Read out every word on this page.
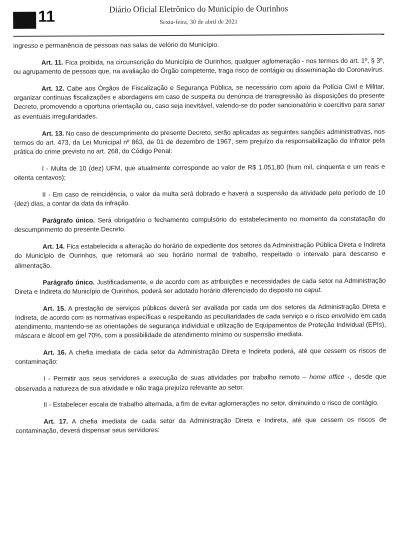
11	Diário Oficial Eletrônico do Município de Ourinhos
Sexta-feira, 30 de abril de 2021

ingresso e permanência de pessoas nas salas de velório do Município.

Art. 11. Fica proibida, na circunscrição do Município de Ourinhos, qualquer aglomeração - nos termos do art. 1º, § 3º, ou agrupamento de pessoas que, na avaliação do Órgão competente, traga risco de contágio ou disseminação do Coronavírus.

Art. 12. Cabe aos Órgãos de Fiscalização e Segurança Pública, se necessário com apoio da Polícia Civil e Militar, organizar contínuas fiscalizações e abordagens em caso de suspeita ou denúncia de transgressão às disposições do presente Decreto, promovendo a oportuna orientação ou, caso seja inevitável, valendo-se do poder sancionatório e coercitivo para sanar as eventuais irregularidades.

Art. 13. No caso de descumprimento do presente Decreto, serão aplicadas as seguintes sanções administrativas, nos termos do art. 473, da Lei Municipal nº 863, de 01 de dezembro de 1967, sem prejuízo da responsabilização do infrator pela prática do crime previsto no art. 268, do Código Penal:

I - Multa de 10 (dez) UFM, que atualmente corresponde ao valor de R$ 1.051,80 (hum mil, cinquenta e um reais e oitenta centavos);

II - Em caso de reincidência, o valor da multa será dobrado e haverá a suspensão da atividade pelo período de 10 (dez) dias, a contar da data da infração.

Parágrafo único. Será obrigatório o fechamento compulsório do estabelecimento no momento da constatação do descumprimento do presente Decreto.

Art. 14. Fica estabelecida a alteração do horário de expediente dos setores da Administração Pública Direta e Indireta do Município de Ourinhos, que retomará ao seu horário normal de trabalho, respeitado o intervalo para descanso e alimentação.

Parágrafo único. Justificadamente, e de acordo com as atribuições e necessidades de cada setor na Administração Direta e Indireta do Município de Ourinhos, poderá ser adotado horário diferenciado do disposto no caput.

Art. 15. A prestação de serviços públicos deverá ser avaliada por cada um dos setores da Administração Direta e Indireta, de acordo com as normativas específicas e respeitando as peculiaridades de cada serviço e o risco envolvido em cada atendimento, mantendo-se as orientações de segurança individual e utilização de Equipamentos de Proteção Individual (EPIs), máscara e álcool em gel 70%, com a possibilidade de atendimento mínimo ou suspensão imediata.

Art. 16. A chefia imediata de cada setor da Administração Direta e Indireta poderá, até que cessem os riscos de contaminação:

I - Permitir aos seus servidores a execução de suas atividades por trabalho remoto – home office -, desde que observada a natureza de sua atividade e não traga prejuízo relevante ao setor.

II - Estabelecer escala de trabalho alternada, a fim de evitar aglomerações no setor, diminuindo o risco de contágio.

Art. 17. A chefia imediata de cada setor da Administração Direta e Indireta, até que cessem os riscos de contaminação, deverá dispensar seus servidores:
